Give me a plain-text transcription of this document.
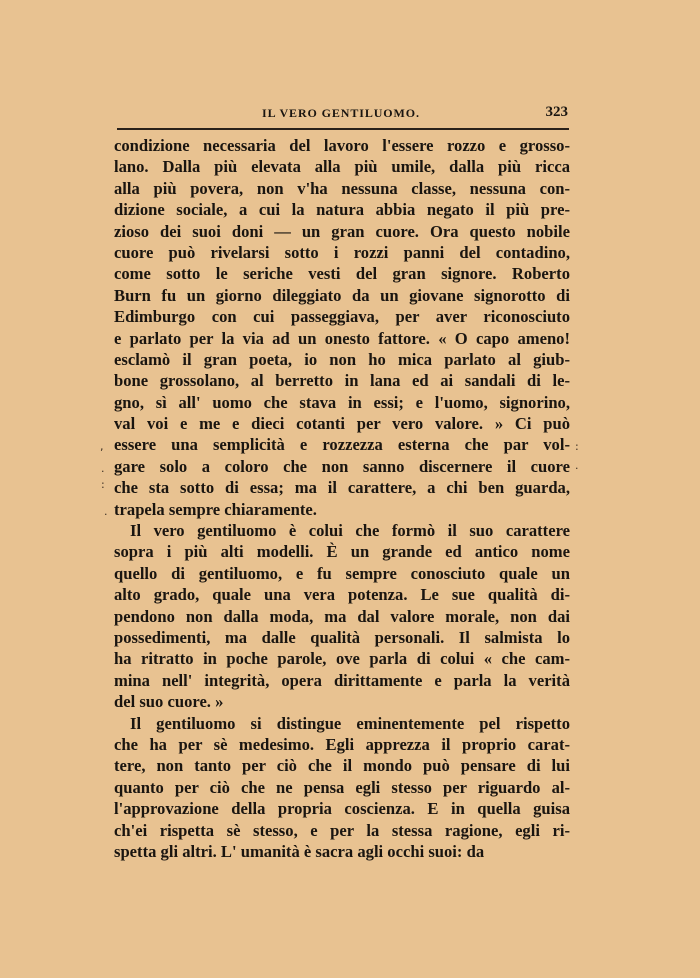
IL VERO GENTILUOMO.	323
condizione necessaria del lavoro l'essere rozzo e grosso-
lano. Dalla più elevata alla più umile, dalla più ricca
alla più povera, non v'ha nessuna classe, nessuna con-
dizione sociale, a cui la natura abbia negato il più pre-
zioso dei suoi doni — un gran cuore. Ora questo nobile
cuore può rivelarsi sotto i rozzi panni del contadino,
come sotto le seriche vesti del gran signore. Roberto
Burn fu un giorno dileggiato da un giovane signorotto di
Edimburgo con cui passeggiava, per aver riconosciuto
e parlato per la via ad un onesto fattore. « O capo ameno!
esclamò il gran poeta, io non ho mica parlato al giub-
bone grossolano, al berretto in lana ed ai sandali di le-
gno, sì all' uomo che stava in essi; e l'uomo, signorino,
val voi e me e dieci cotanti per vero valore. » Ci può
essere una semplicità e rozzezza esterna che par vol-
gare solo a coloro che non sanno discernere il cuore
che sta sotto di essa; ma il carattere, a chi ben guarda,
trapela sempre chiaramente.
Il vero gentiluomo è colui che formò il suo carattere
sopra i più alti modelli. È un grande ed antico nome
quello di gentiluomo, e fu sempre conosciuto quale un
alto grado, quale una vera potenza. Le sue qualità di-
pendono non dalla moda, ma dal valore morale, non dai
possedimenti, ma dalle qualità personali. Il salmista lo
ha ritratto in poche parole, ove parla di colui « che cam-
mina nell' integrità, opera dirittamente e parla la verità
del suo cuore. »
Il gentiluomo si distingue eminentemente pel rispetto
che ha per sè medesimo. Egli apprezza il proprio carat-
tere, non tanto per ciò che il mondo può pensare di lui
quanto per ciò che ne pensa egli stesso per riguardo al-
l'approvazione della propria coscienza. E in quella guisa
ch'ei rispetta sè stesso, e per la stessa ragione, egli ri-
spetta gli altri. L' umanità è sacra agli occhi suoi: da
,
.
:
·
:
·
